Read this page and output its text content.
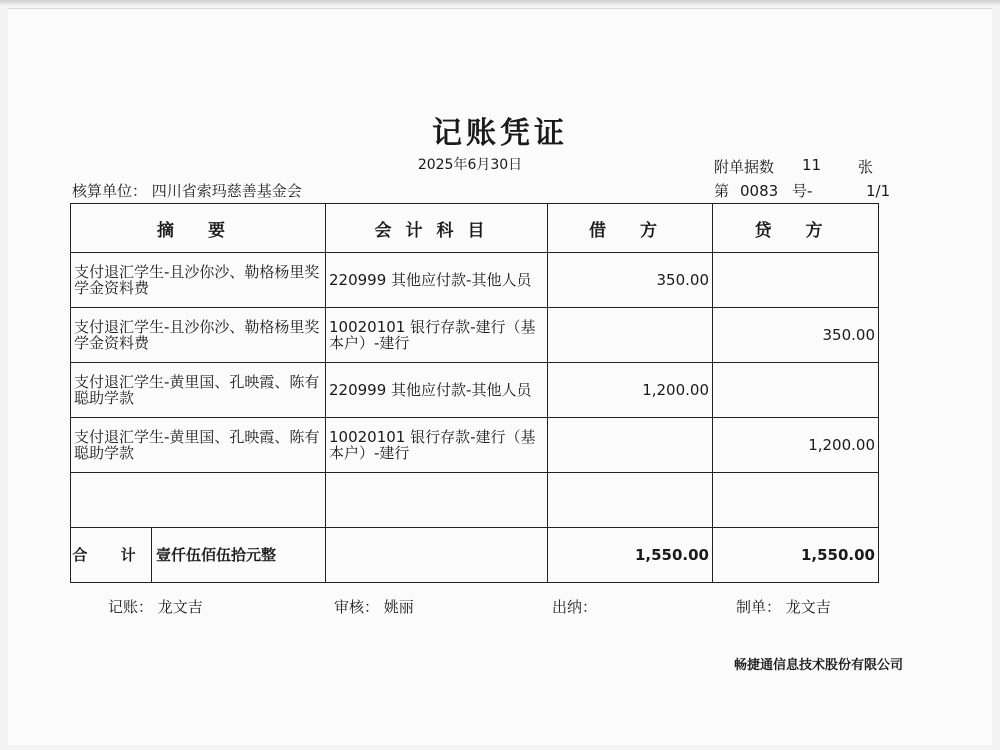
记账凭证
2025年6月30日	附单据数 11 张
核算单位： 四川省索玛慈善基金会	第 0083 号-	1/1
摘 要	会计科目	借 方	贷 方
支付退汇学生-且沙你沙、勒格杨里奖学金资料费	220999 其他应付款-其他人员	350.00	
支付退汇学生-且沙你沙、勒格杨里奖学金资料费	10020101 银行存款-建行（基本户）-建行		350.00
支付退汇学生-黄里国、孔映霞、陈有聪助学款	220999 其他应付款-其他人员	1,200.00	
支付退汇学生-黄里国、孔映霞、陈有聪助学款	10020101 银行存款-建行（基本户）-建行		1,200.00

合 计 壹仟伍佰伍拾元整		1,550.00	1,550.00
记账： 龙文吉	审核： 姚丽	出纳：	制单： 龙文吉
畅捷通信息技术股份有限公司
